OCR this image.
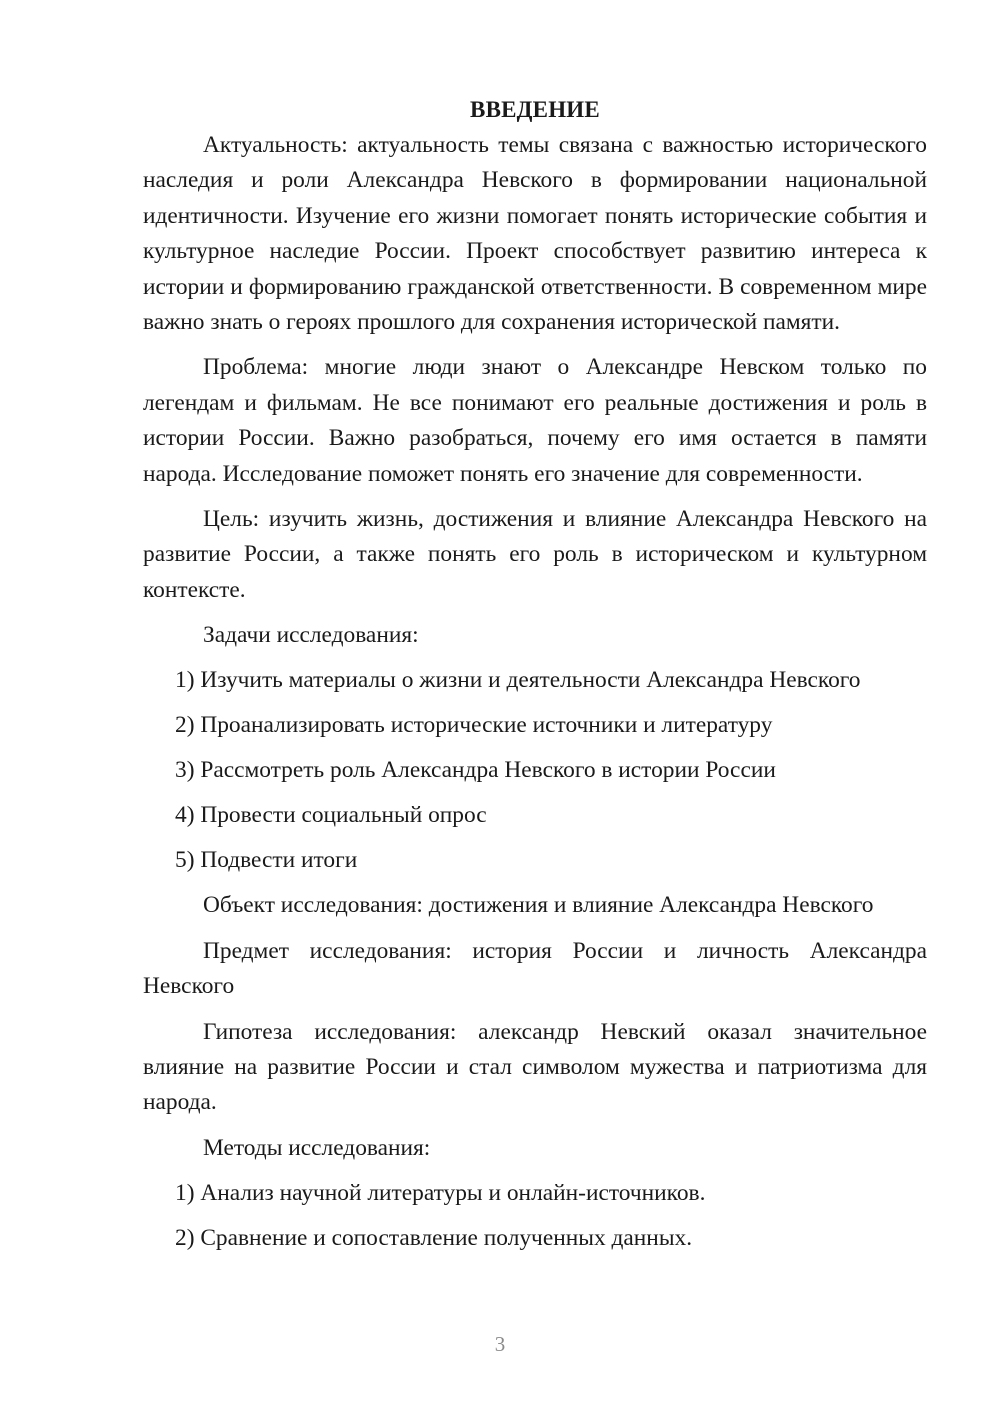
ВВЕДЕНИЕ

Актуальность: актуальность темы связана с важностью исторического наследия и роли Александра Невского в формировании национальной идентичности. Изучение его жизни помогает понять исторические события и культурное наследие России. Проект способствует развитию интереса к истории и формированию гражданской ответственности. В современном мире важно знать о героях прошлого для сохранения исторической памяти.

Проблема: многие люди знают о Александре Невском только по легендам и фильмам. Не все понимают его реальные достижения и роль в истории России. Важно разобраться, почему его имя остается в памяти народа. Исследование поможет понять его значение для современности.

Цель: изучить жизнь, достижения и влияние Александра Невского на развитие России, а также понять его роль в историческом и культурном контексте.

Задачи исследования:

1) Изучить материалы о жизни и деятельности Александра Невского
2) Проанализировать исторические источники и литературу
3) Рассмотреть роль Александра Невского в истории России
4) Провести социальный опрос
5) Подвести итоги

Объект исследования: достижения и влияние Александра Невского

Предмет исследования: история России и личность Александра Невского

Гипотеза исследования: александр Невский оказал значительное влияние на развитие России и стал символом мужества и патриотизма для народа.

Методы исследования:

1) Анализ научной литературы и онлайн-источников.
2) Сравнение и сопоставление полученных данных.
3
